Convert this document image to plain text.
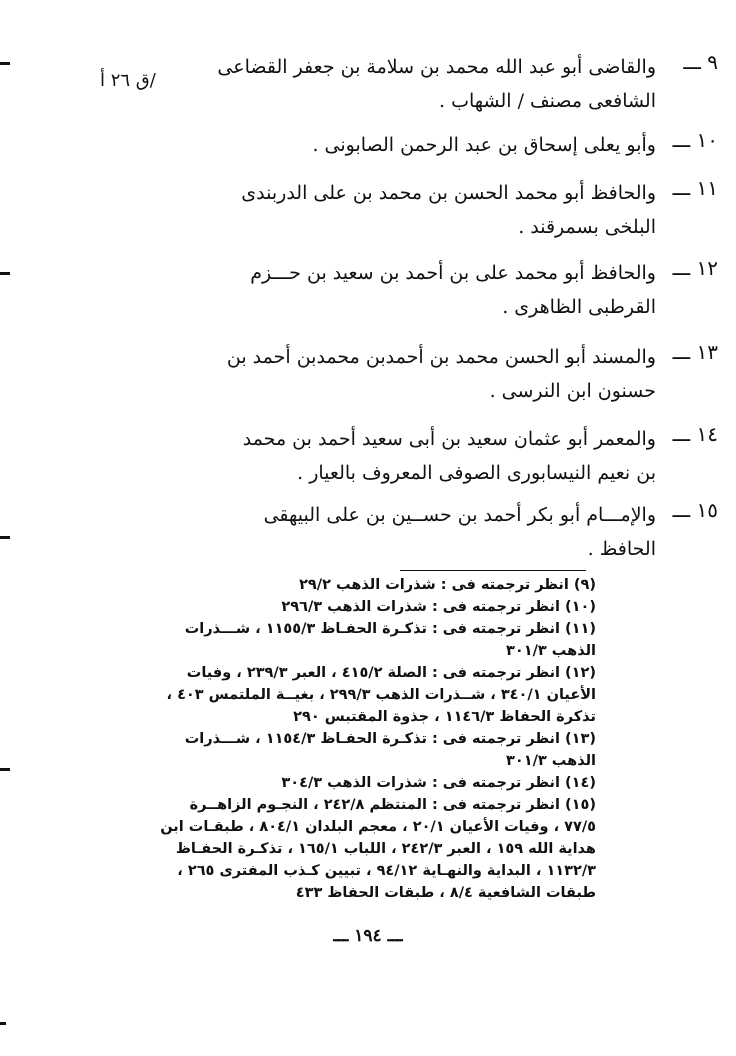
٩ ـــ
والقاضى أبو عبد الله محمد بن سلامة بن جعفر القضاعى
الشافعى مصنف / الشهاب .
/ق ٢٦ أ
١٠ ـــ
وأبو يعلى إسحاق بن عبد الرحمن الصابونى .
١١ ـــ
والحافظ أبو محمد الحسن بن محمد بن على الدربندى
البلخى بسمرقند .
١٢ ـــ
والحافظ أبو محمد على بن أحمد بن سعيد بن حـــزم
القرطبى الظاهرى .
١٣ ـــ
والمسند أبو الحسن محمد بن أحمدبن محمدبن أحمد بن
حسنون ابن النرسى .
١٤ ـــ
والمعمر أبو عثمان سعيد بن أبى سعيد أحمد بن محمد
بن نعيم النيسابورى الصوفى المعروف بالعيار .
١٥ ـــ
والإمـــام أبو بكر أحمد بن حســين بن على البيهقى
الحافظ .
(٩) انظر ترجمته فى : شذرات الذهب ٢٩/٢
(١٠) انظر ترجمته فى : شذرات الذهب ٢٩٦/٣
(١١) انظر ترجمته فى : تذكـرة الحفـاظ ١١٥٥/٣ ، شـــذرات
الذهب ٣٠١/٣
(١٢) انظر ترجمته فى : الصلة ٤١٥/٢ ، العبر ٢٣٩/٣ ، وفيات
الأعيان ٣٤٠/١ ، شــذرات الذهب ٢٩٩/٣ ، بغيــة الملتمس ٤٠٣ ،
تذكرة الحفاظ ١١٤٦/٣ ، جذوة المقتبس ٢٩٠
(١٣) انظر ترجمته فى : تذكـرة الحفـاظ ١١٥٤/٣ ، شـــذرات
الذهب ٣٠١/٣
(١٤) انظر ترجمته فى : شذرات الذهب ٣٠٤/٣
(١٥) انظر ترجمته فى : المنتظم ٢٤٢/٨ ، النجـوم الزاهــرة
٧٧/٥ ، وفيات الأعيان ٢٠/١ ، معجم البلدان ٨٠٤/١ ، طبقـات ابن
هداية الله ١٥٩ ، العبر ٢٤٢/٣ ، اللباب ١٦٥/١ ، تذكـرة الحفـاظ
١١٣٢/٣ ، البداية والنهـاية ٩٤/١٢ ، تبيين كـذب المفترى ٢٦٥ ،
طبقات الشافعية ٨/٤ ، طبقات الحفاظ ٤٣٣
ـــ ١٩٤ ـــ
